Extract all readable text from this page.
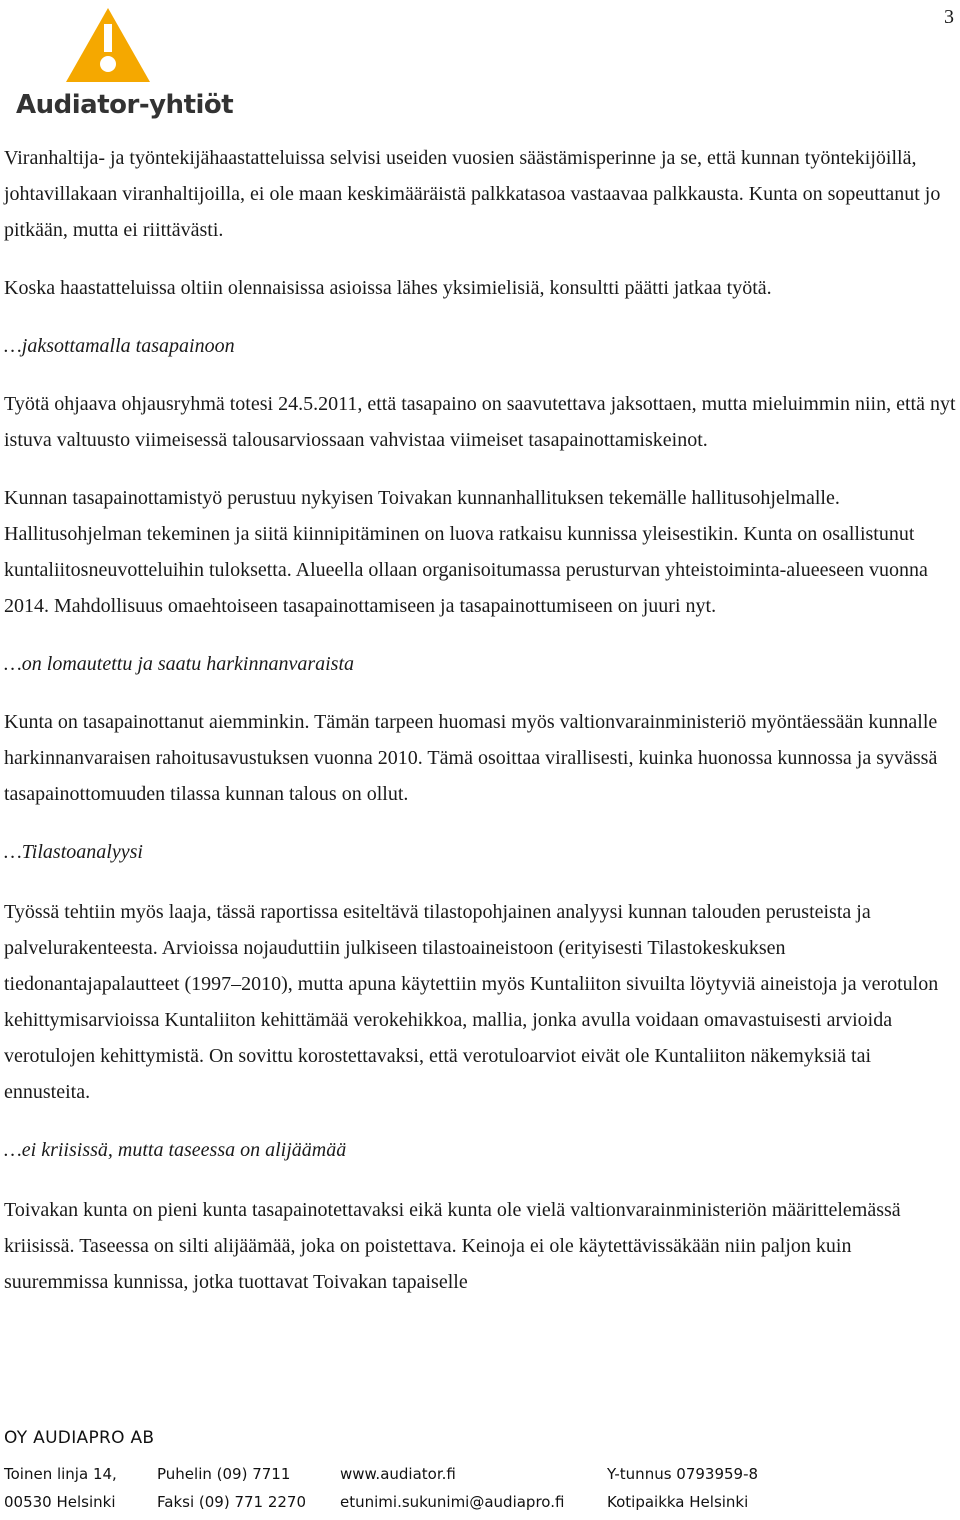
3
Audiator-yhtiöt

Viranhaltija- ja työntekijähaastatteluissa selvisi useiden vuosien säästämisperinne ja se, että kunnan työntekijöillä, johtavillakaan viranhaltijoilla, ei ole maan keskimääräistä palkkatasoa vastaavaa palkkausta. Kunta on sopeuttanut jo pitkään, mutta ei riittävästi.

Koska haastatteluissa oltiin olennaisissa asioissa lähes yksimielisiä, konsultti päätti jatkaa työtä.

…jaksottamalla tasapainoon

Työtä ohjaava ohjausryhmä totesi 24.5.2011, että tasapaino on saavutettava jaksottaen, mutta mieluimmin niin, että nyt istuva valtuusto viimeisessä talousarviossaan vahvistaa viimeiset tasapainottamiskeinot.

Kunnan tasapainottamistyö perustuu nykyisen Toivakan kunnanhallituksen tekemälle hallitusohjelmalle. Hallitusohjelman tekeminen ja siitä kiinnipitäminen on luova ratkaisu kunnissa yleisestikin. Kunta on osallistunut kuntaliitosneuvotteluihin tuloksetta. Alueella ollaan organisoitumassa perusturvan yhteistoiminta-alueeseen vuonna 2014. Mahdollisuus omaehtoiseen tasapainottamiseen ja tasapainottumiseen on juuri nyt.

…on lomautettu ja saatu harkinnanvaraista

Kunta on tasapainottanut aiemminkin. Tämän tarpeen huomasi myös valtionvarainministeriö myöntäessään kunnalle harkinnanvaraisen rahoitusavustuksen vuonna 2010. Tämä osoittaa virallisesti, kuinka huonossa kunnossa ja syvässä tasapainottomuuden tilassa kunnan talous on ollut.

…Tilastoanalyysi

Työssä tehtiin myös laaja, tässä raportissa esiteltävä tilastopohjainen analyysi kunnan talouden perusteista ja palvelurakenteesta. Arvioissa nojauduttiin julkiseen tilastoaineistoon (erityisesti Tilastokeskuksen tiedonantajapalautteet (1997–2010), mutta apuna käytettiin myös Kuntaliiton sivuilta löytyviä aineistoja ja verotulon kehittymisarvioissa Kuntaliiton kehittämää verokehikkoa, mallia, jonka avulla voidaan omavastuisesti arvioida verotulojen kehittymistä. On sovittu korostettavaksi, että verotuloarviot eivät ole Kuntaliiton näkemyksiä tai ennusteita.

…ei kriisissä, mutta taseessa on alijäämää

Toivakan kunta on pieni kunta tasapainotettavaksi eikä kunta ole vielä valtionvarainministeriön määrittelemässä kriisissä. Taseessa on silti alijäämää, joka on poistettava. Keinoja ei ole käytettävissäkään niin paljon kuin suuremmissa kunnissa, jotka tuottavat Toivakan tapaiselle

OY AUDIAPRO AB
Toinen linja 14,
00530 Helsinki
Puhelin (09) 7711
Faksi (09) 771 2270
www.audiator.fi
etunimi.sukunimi@audiapro.fi
Y-tunnus 0793959-8
Kotipaikka Helsinki
